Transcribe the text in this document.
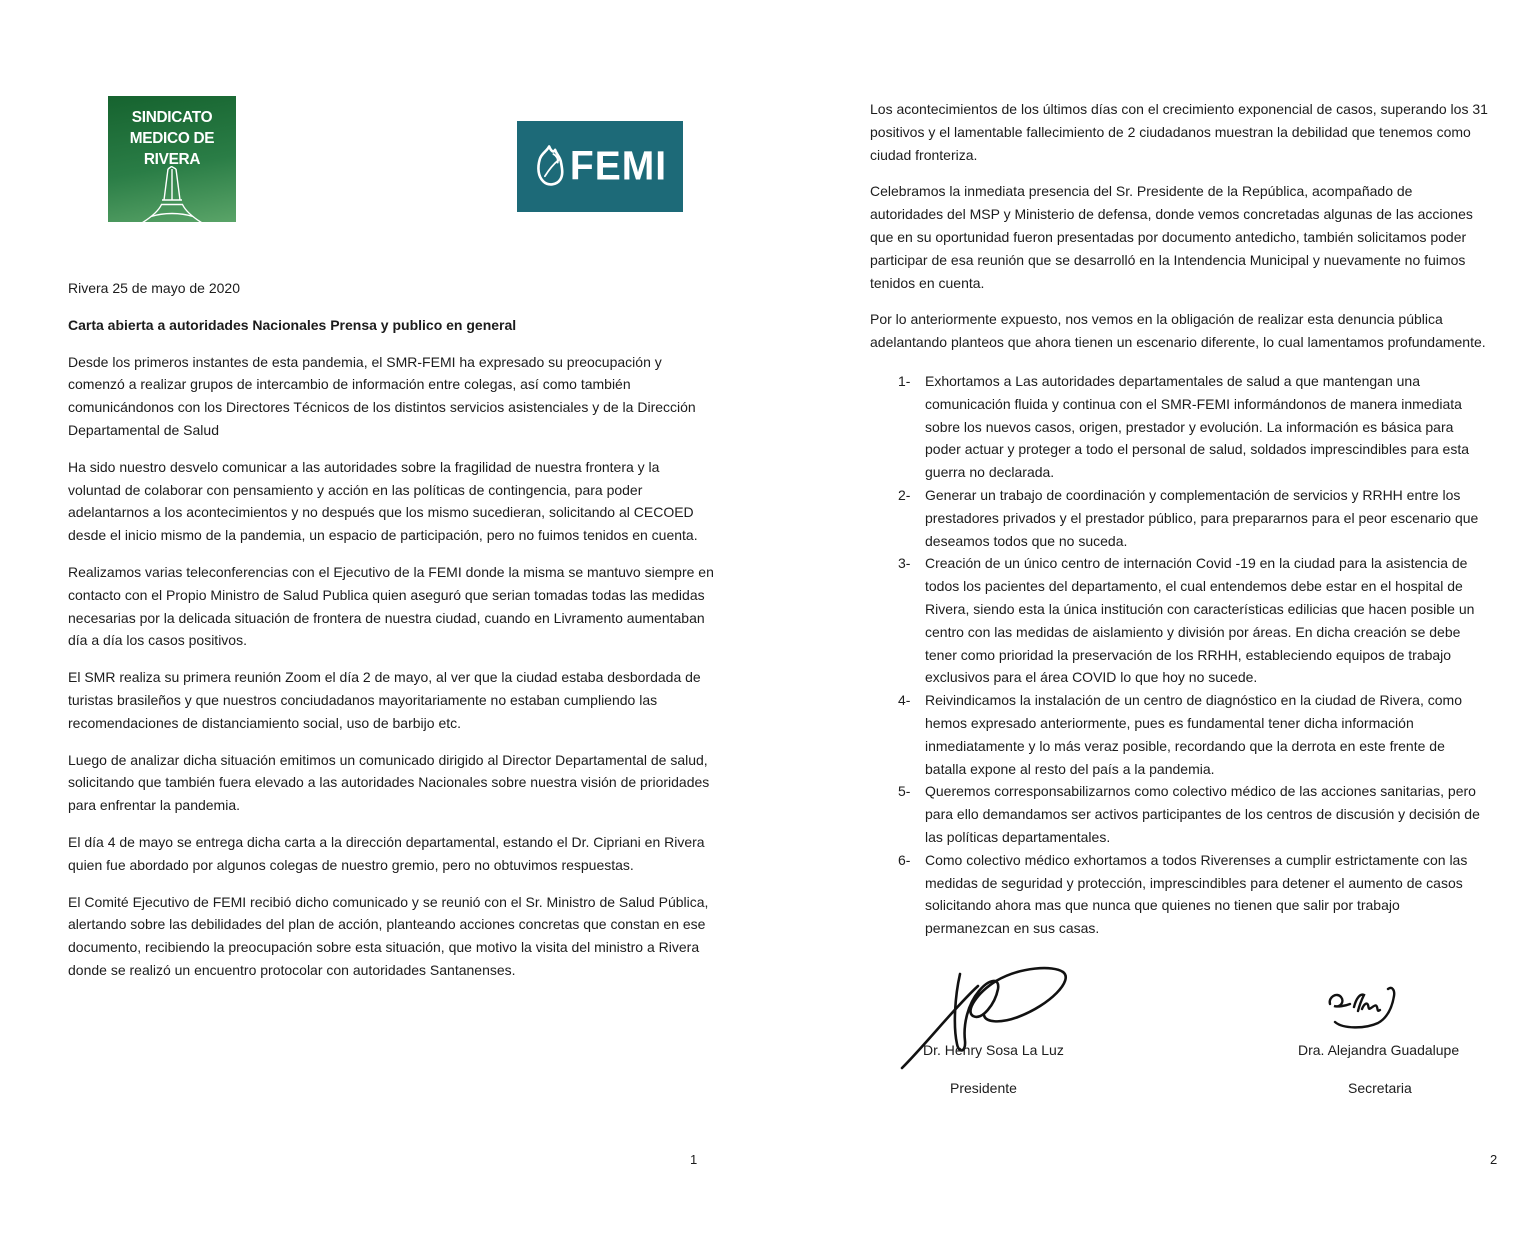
SINDICATO
MEDICO DE
RIVERA	FEMI

Rivera 25 de mayo de 2020

Carta abierta a autoridades Nacionales Prensa y publico en general

Desde los primeros instantes de esta pandemia, el SMR-FEMI ha expresado su preocupación y comenzó a realizar grupos de intercambio de información entre colegas, así como también comunicándonos con los Directores Técnicos de los distintos servicios asistenciales y de la Dirección Departamental de Salud

Ha sido nuestro desvelo comunicar a las autoridades sobre la fragilidad de nuestra frontera y la voluntad de colaborar con pensamiento y acción en las políticas de contingencia, para poder adelantarnos a los acontecimientos y no después que los mismo sucedieran, solicitando al CECOED desde el inicio mismo de la pandemia, un espacio de participación, pero no fuimos tenidos en cuenta.

Realizamos varias teleconferencias con el Ejecutivo de la FEMI donde la misma se mantuvo siempre en contacto con el Propio Ministro de Salud Publica quien aseguró que serian tomadas todas las medidas necesarias por la delicada situación de frontera de nuestra ciudad, cuando en Livramento aumentaban día a día los casos positivos.

El SMR realiza su primera reunión Zoom el día 2 de mayo, al ver que la ciudad estaba desbordada de turistas brasileños y que nuestros conciudadanos mayoritariamente no estaban cumpliendo las recomendaciones de distanciamiento social, uso de barbijo etc.

Luego de analizar dicha situación emitimos un comunicado dirigido al Director Departamental de salud, solicitando que también fuera elevado a las autoridades Nacionales sobre nuestra visión de prioridades para enfrentar la pandemia.

El día 4 de mayo se entrega dicha carta a la dirección departamental, estando el Dr. Cipriani en Rivera quien fue abordado por algunos colegas de nuestro gremio, pero no obtuvimos respuestas.

El Comité Ejecutivo de FEMI recibió dicho comunicado y se reunió con el Sr. Ministro de Salud Pública, alertando sobre las debilidades del plan de acción, planteando acciones concretas que constan en ese documento, recibiendo la preocupación sobre esta situación, que motivo la visita del ministro a Rivera donde se realizó un encuentro protocolar con autoridades Santanenses.

1

Los acontecimientos de los últimos días con el crecimiento exponencial de casos, superando los 31 positivos y el lamentable fallecimiento de 2 ciudadanos muestran la debilidad que tenemos como ciudad fronteriza.

Celebramos la inmediata presencia del Sr. Presidente de la República, acompañado de autoridades del MSP y Ministerio de defensa, donde vemos concretadas algunas de las acciones que en su oportunidad fueron presentadas por documento antedicho, también solicitamos poder participar de esa reunión que se desarrolló en la Intendencia Municipal y nuevamente no fuimos tenidos en cuenta.

Por lo anteriormente expuesto, nos vemos en la obligación de realizar esta denuncia pública adelantando planteos que ahora tienen un escenario diferente, lo cual lamentamos profundamente.

1-	Exhortamos a Las autoridades departamentales de salud a que mantengan una comunicación fluida y continua con el SMR-FEMI informándonos de manera inmediata sobre los nuevos casos, origen, prestador y evolución. La información es básica para poder actuar y proteger a todo el personal de salud, soldados imprescindibles para esta guerra no declarada.
2-	Generar un trabajo de coordinación y complementación de servicios y RRHH entre los prestadores privados y el prestador público, para prepararnos para el peor escenario que deseamos todos que no suceda.
3-	Creación de un único centro de internación Covid -19 en la ciudad para la asistencia de todos los pacientes del departamento, el cual entendemos debe estar en el hospital de Rivera, siendo esta la única institución con características edilicias que hacen posible un centro con las medidas de aislamiento y división por áreas. En dicha creación se debe tener como prioridad la preservación de los RRHH, estableciendo equipos de trabajo exclusivos para el área COVID lo que hoy no sucede.
4-	Reivindicamos la instalación de un centro de diagnóstico en la ciudad de Rivera, como hemos expresado anteriormente, pues es fundamental tener dicha información inmediatamente y lo más veraz posible, recordando que la derrota en este frente de batalla expone al resto del país a la pandemia.
5-	Queremos corresponsabilizarnos como colectivo médico de las acciones sanitarias, pero para ello demandamos ser activos participantes de los centros de discusión y decisión de las políticas departamentales.
6-	Como colectivo médico exhortamos a todos Riverenses a cumplir estrictamente con las medidas de seguridad y protección, imprescindibles para detener el aumento de casos solicitando ahora mas que nunca que quienes no tienen que salir por trabajo permanezcan en sus casas.
Dr. Henry Sosa La Luz
Presidente
Dra. Alejandra Guadalupe
Secretaria
2
